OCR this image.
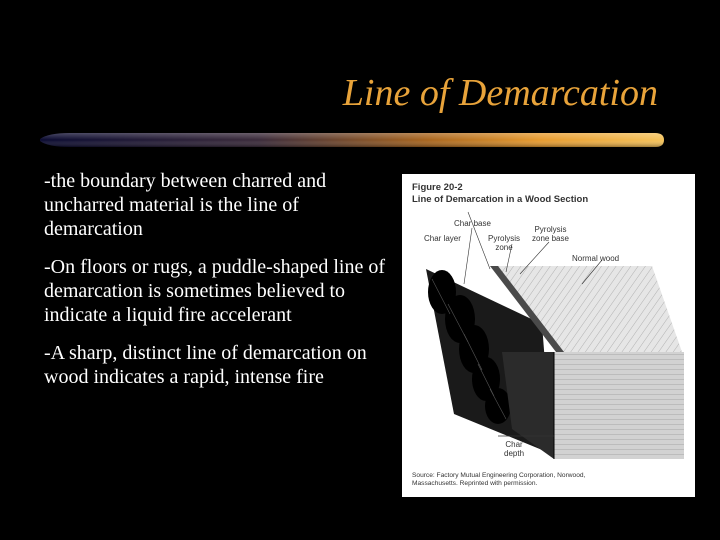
Line of Demarcation

-the boundary between charred and uncharred material is the line of demarcation

-On floors or rugs, a puddle-shaped line of demarcation is sometimes believed to indicate a liquid fire accelerant

-A sharp, distinct line of demarcation on wood indicates a rapid, intense fire

Figure 20-2
Line of Demarcation in a Wood Section
Char base
Char layer	Pyrolysis
zone
Pyrolysis
zone base
Normal wood
Char
depth
Source: Factory Mutual Engineering Corporation, Norwood,
Massachusetts. Reprinted with permission.
